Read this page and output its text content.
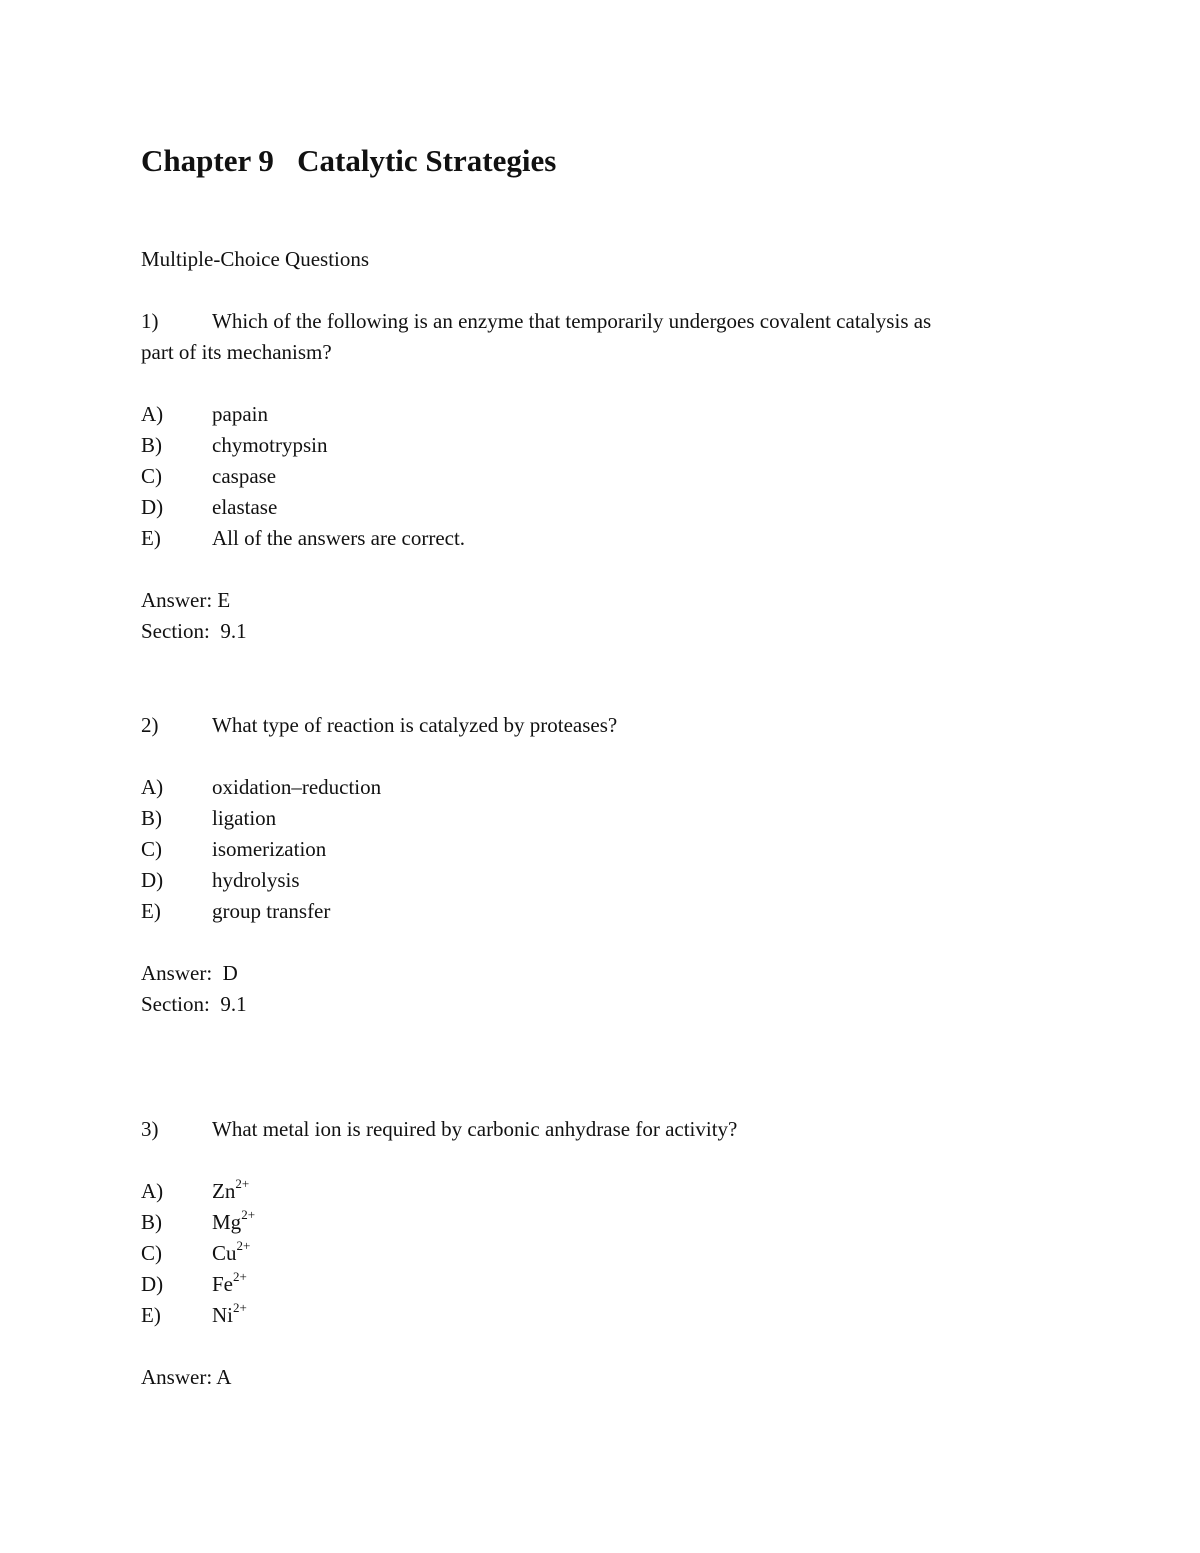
Chapter 9   Catalytic Strategies
Multiple-Choice Questions
1)	Which of the following is an enzyme that temporarily undergoes covalent catalysis as
part of its mechanism?
A) papain
B) chymotrypsin
C) caspase
D) elastase
E) All of the answers are correct.
Answer: E
Section:  9.1
2)	What type of reaction is catalyzed by proteases?
A) oxidation–reduction
B) ligation
C) isomerization
D) hydrolysis
E) group transfer
Answer:  D
Section:  9.1
3)	What metal ion is required by carbonic anhydrase for activity?
A) $Zn^{2+}$
B) $Mg^{2+}$
C) $Cu^{2+}$
D) $Fe^{2+}$
E) $Ni^{2+}$
Answer: A
